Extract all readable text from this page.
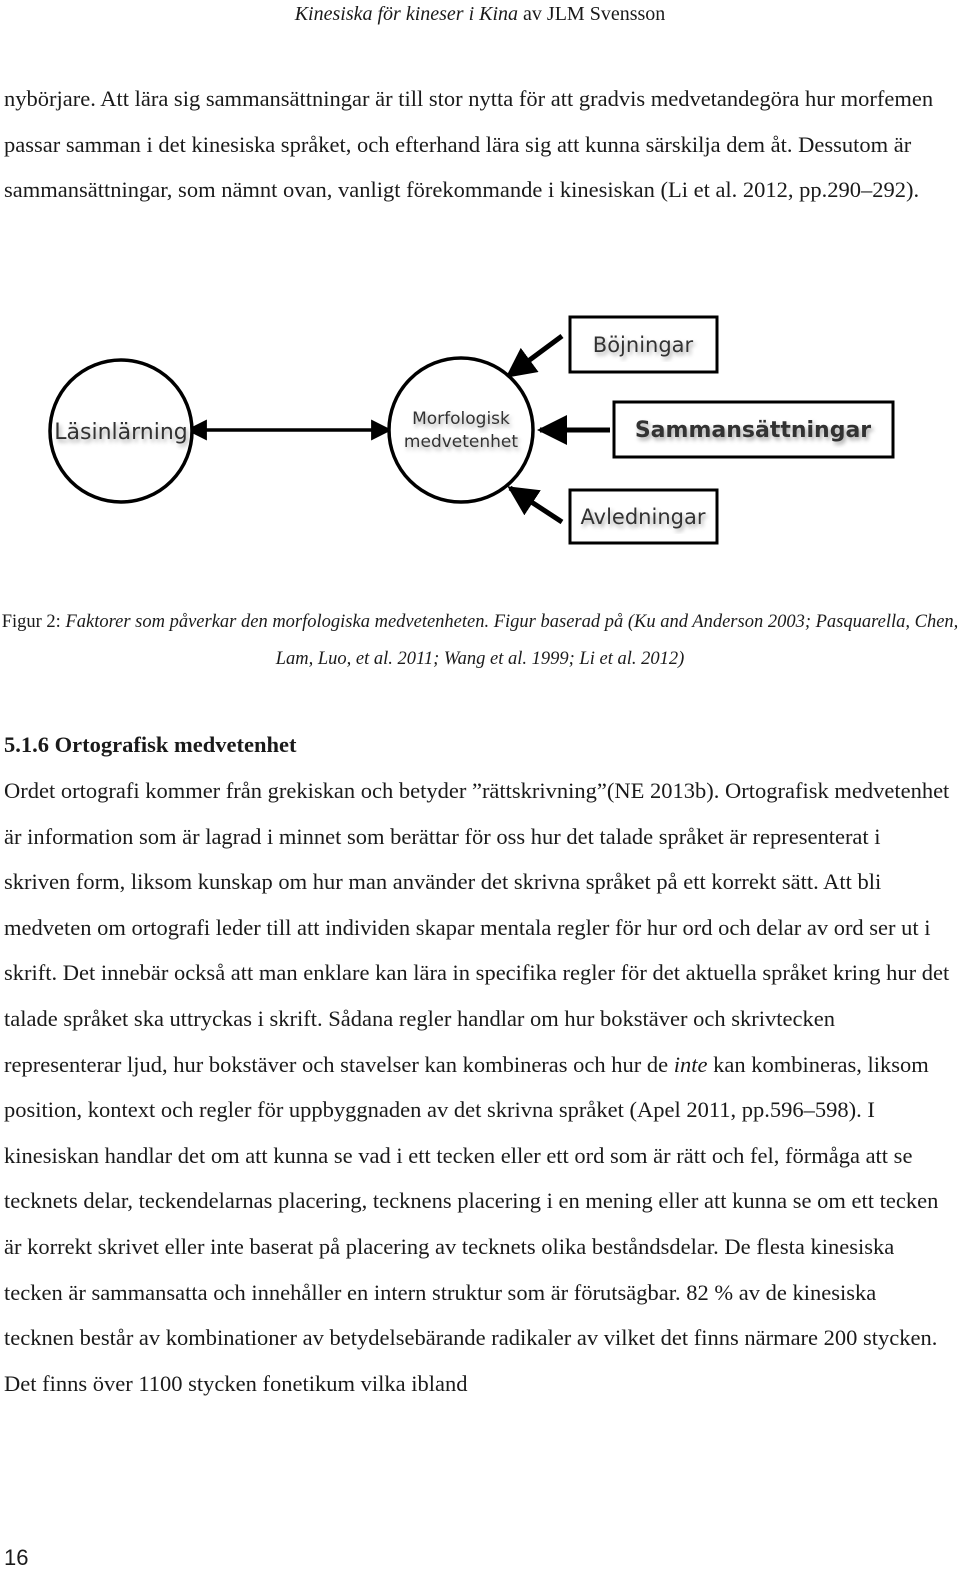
Kinesiska för kineser i Kina av JLM Svensson

nybörjare. Att lära sig sammansättningar är till stor nytta för att gradvis medvetandegöra hur morfemen passar samman i det kinesiska språket, och efterhand lära sig att kunna särskilja dem åt. Dessutom är sammansättningar, som nämnt ovan, vanligt förekommande i kinesiskan (Li et al. 2012, pp.290–292).

Läsinlärning
Morfologisk
medvetenhet
Böjningar
Sammansättningar
Avledningar
Figur 2: Faktorer som påverkar den morfologiska medvetenheten. Figur baserad på (Ku and Anderson 2003; Pasquarella, Chen, Lam, Luo, et al. 2011; Wang et al. 1999; Li et al. 2012)
5.1.6 Ortografisk medvetenhet

Ordet ortografi kommer från grekiskan och betyder ”rättskrivning”(NE 2013b). Ortografisk medvetenhet är information som är lagrad i minnet som berättar för oss hur det talade språket är representerat i skriven form, liksom kunskap om hur man använder det skrivna språket på ett korrekt sätt. Att bli medveten om ortografi leder till att individen skapar mentala regler för hur ord och delar av ord ser ut i skrift. Det innebär också att man enklare kan lära in specifika regler för det aktuella språket kring hur det talade språket ska uttryckas i skrift. Sådana regler handlar om hur bokstäver och skrivtecken representerar ljud, hur bokstäver och stavelser kan kombineras och hur de inte kan kombineras, liksom position, kontext och regler för uppbyggnaden av det skrivna språket (Apel 2011, pp.596–598). I kinesiskan handlar det om att kunna se vad i ett tecken eller ett ord som är rätt och fel, förmåga att se tecknets delar, teckendelarnas placering, tecknens placering i en mening eller att kunna se om ett tecken är korrekt skrivet eller inte baserat på placering av tecknets olika beståndsdelar. De flesta kinesiska tecken är sammansatta och innehåller en intern struktur som är förutsägbar. 82 % av de kinesiska tecknen består av kombinationer av betydelsebärande radikaler av vilket det finns närmare 200 stycken. Det finns över 1100 stycken fonetikum vilka ibland

16
